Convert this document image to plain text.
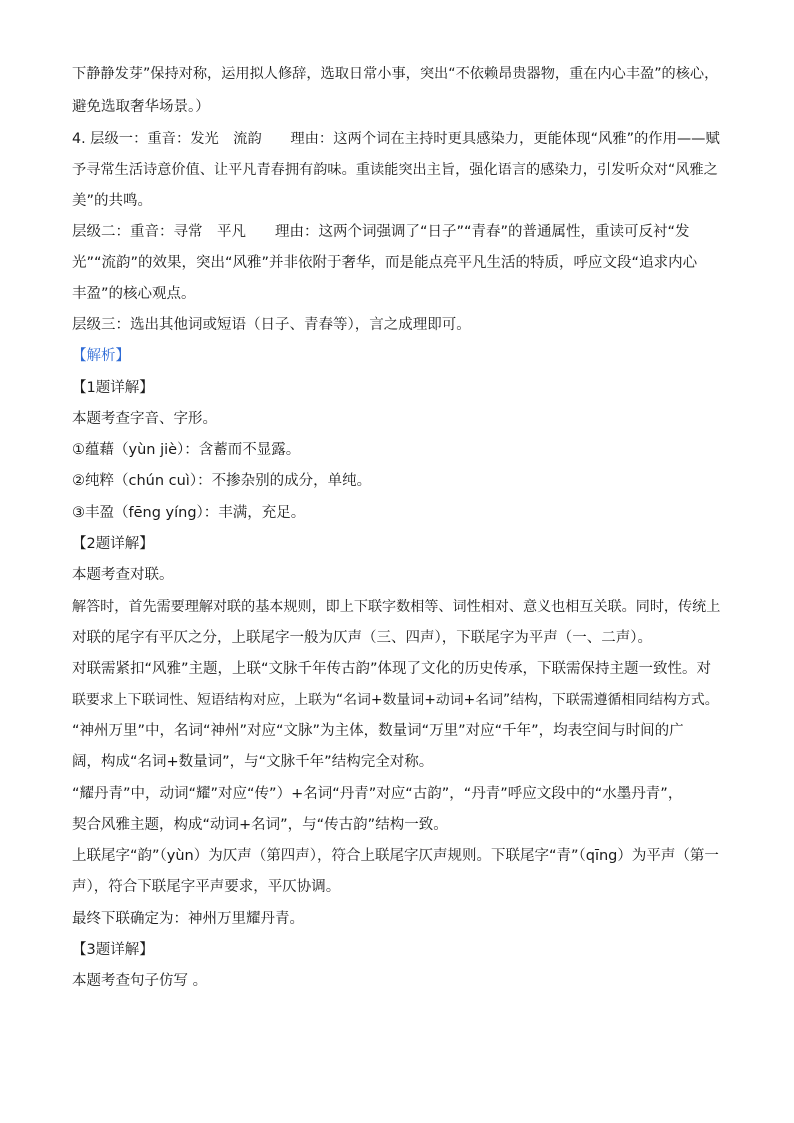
下静静发芽”保持对称，运用拟人修辞，选取日常小事，突出“不依赖昂贵器物，重在内心丰盈”的核心，
避免选取奢华场景。）
4. 层级一：重音：发光　流韵　　理由：这两个词在主持时更具感染力，更能体现“风雅”的作用——赋
予寻常生活诗意价值、让平凡青春拥有韵味。重读能突出主旨，强化语言的感染力，引发听众对“风雅之
美”的共鸣。
层级二：重音：寻常　平凡　　理由：这两个词强调了“日子”“青春”的普通属性，重读可反衬“发
光”“流韵”的效果，突出“风雅”并非依附于奢华，而是能点亮平凡生活的特质，呼应文段“追求内心
丰盈”的核心观点。
层级三：选出其他词或短语（日子、青春等），言之成理即可。
【解析】
【1题详解】
本题考查字音、字形。
①蕴藉（yùn jiè）：含蓄而不显露。
②纯粹（chún cuì）：不掺杂别的成分，单纯。
③丰盈（fēng yíng）：丰满，充足。
【2题详解】
本题考查对联。
解答时，首先需要理解对联的基本规则，即上下联字数相等、词性相对、意义也相互关联。同时，传统上
对联的尾字有平仄之分，上联尾字一般为仄声（三、四声），下联尾字为平声（一、二声）。
对联需紧扣“风雅”主题，上联“文脉千年传古韵”体现了文化的历史传承，下联需保持主题一致性。对
联要求上下联词性、短语结构对应，上联为“名词+数量词+动词+名词”结构，下联需遵循相同结构方式。
“神州万里”中，名词“神州”对应“文脉”为主体，数量词“万里”对应“千年”，均表空间与时间的广
阔，构成“名词+数量词”，与“文脉千年”结构完全对称。
“耀丹青”中，动词“耀”对应“传”）+名词“丹青”对应“古韵”，“丹青”呼应文段中的“水墨丹青”，
契合风雅主题，构成“动词+名词”，与“传古韵”结构一致。
上联尾字“韵”（yùn）为仄声（第四声），符合上联尾字仄声规则。下联尾字“青”（qīng）为平声（第一
声），符合下联尾字平声要求，平仄协调。
最终下联确定为：神州万里耀丹青。
【3题详解】
本题考查句子仿写 。
